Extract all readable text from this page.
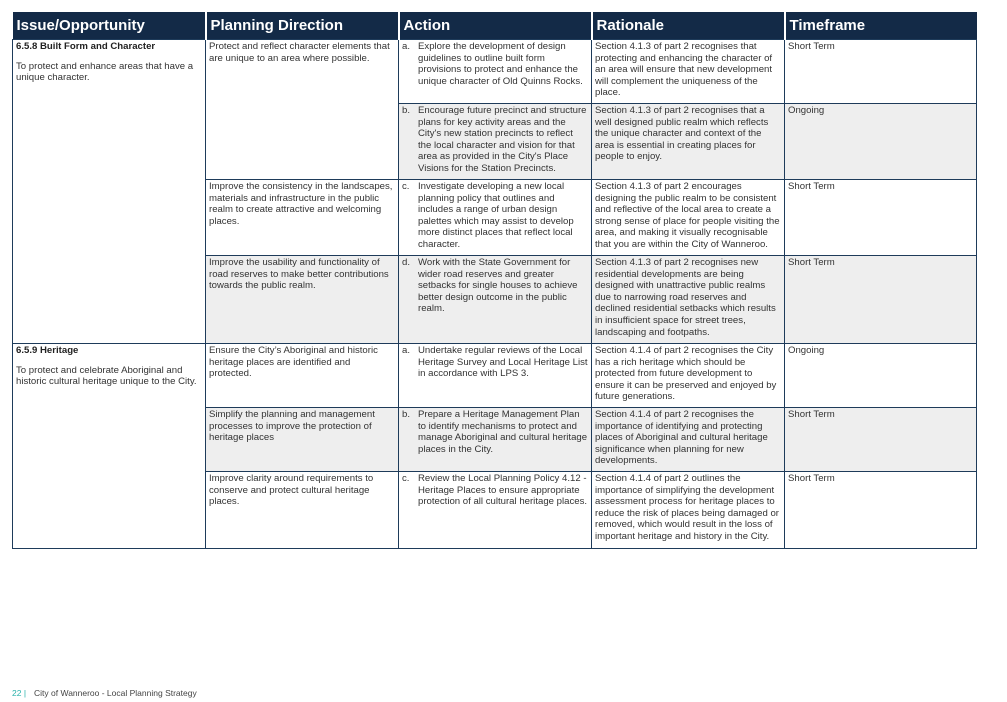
Issue/Opportunity	Planning Direction	Action	Rationale	Timeframe

6.5.8 Built Form and Character
To protect and enhance areas that have a unique character.	Protect and reflect character elements that are unique to an area where possible.	a. Explore the development of design guidelines to outline built form provisions to protect and enhance the unique character of Old Quinns Rocks.	Section 4.1.3 of part 2 recognises that protecting and enhancing the character of an area will ensure that new development will complement the uniqueness of the place.	Short Term

		b. Encourage future precinct and structure plans for key activity areas and the City's new station precincts to reflect the local character and vision for that area as provided in the City's Place Visions for the Station Precincts.	Section 4.1.3 of part 2 recognises that a well designed public realm which reflects the unique character and context of the area is essential in creating places for people to enjoy.	Ongoing
	Improve the consistency in the landscapes, materials and infrastructure in the public realm to create attractive and welcoming places.	c. Investigate developing a new local planning policy that outlines and includes a range of urban design palettes which may assist to develop more distinct places that reflect local character.	Section 4.1.3 of part 2 encourages designing the public realm to be consistent and reflective of the local area to create a strong sense of place for people visiting the area, and making it visually recognisable that you are within the City of Wanneroo.	Short Term
	Improve the usability and functionality of road reserves to make better contributions towards the public realm.	d. Work with the State Government for wider road reserves and greater setbacks for single houses to achieve better design outcome in the public realm.	Section 4.1.3 of part 2 recognises new residential developments are being designed with unattractive public realms due to narrowing road reserves and declined residential setbacks which results in insufficient space for street trees, landscaping and footpaths.	Short Term

6.5.9 Heritage
To protect and celebrate Aboriginal and historic cultural heritage unique to the City.	Ensure the City’s Aboriginal and historic heritage places are identified and protected.	a. Undertake regular reviews of the Local Heritage Survey and Local Heritage List in accordance with LPS 3.	Section 4.1.4 of part 2 recognises the City has a rich heritage which should be protected from future development to ensure it can be preserved and enjoyed by future generations.	Ongoing
	Simplify the planning and management processes to improve the protection of heritage places	b. Prepare a Heritage Management Plan to identify mechanisms to protect and manage Aboriginal and cultural heritage places in the City.	Section 4.1.4 of part 2 recognises the importance of identifying and protecting places of Aboriginal and cultural heritage significance when planning for new developments.	Short Term
	Improve clarity around requirements to conserve and protect cultural heritage places.	c. Review the Local Planning Policy 4.12 - Heritage Places to ensure appropriate protection of all cultural heritage places.	Section 4.1.4 of part 2 outlines the importance of simplifying the development assessment process for heritage places to reduce the risk of places being damaged or removed, which would result in the loss of important heritage and history in the City.	Short Term
22 | City of Wanneroo - Local Planning Strategy
